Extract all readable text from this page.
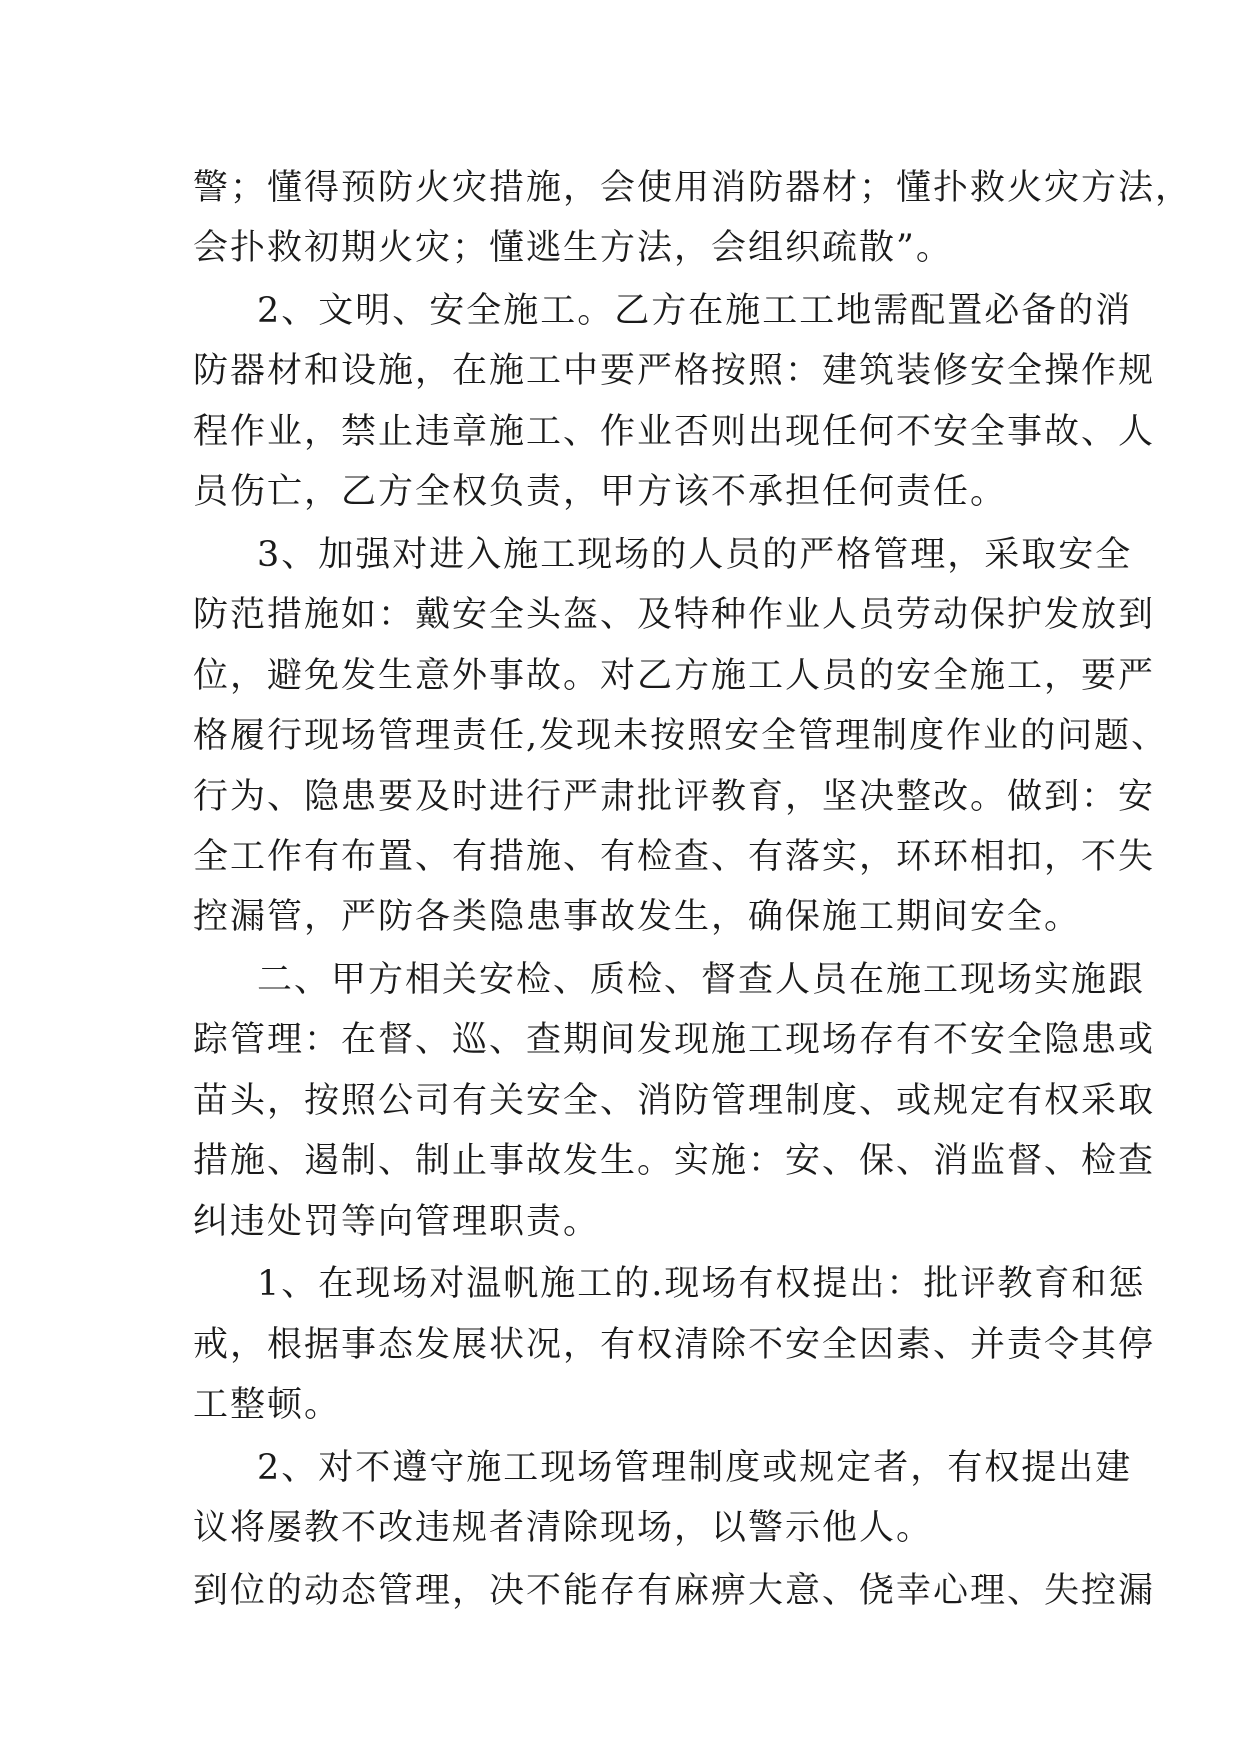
警；懂得预防火灾措施，会使用消防器材；懂扑救火灾方法，
会扑救初期火灾；懂逃生方法，会组织疏散”。
2、文明、安全施工。乙方在施工工地需配置必备的消
防器材和设施，在施工中要严格按照：建筑装修安全操作规
程作业，禁止违章施工、作业否则出现任何不安全事故、人
员伤亡，乙方全权负责，甲方该不承担任何责任。
3、加强对进入施工现场的人员的严格管理，采取安全
防范措施如：戴安全头盔、及特种作业人员劳动保护发放到
位，避免发生意外事故。对乙方施工人员的安全施工，要严
格履行现场管理责任,发现未按照安全管理制度作业的问题、
行为、隐患要及时进行严肃批评教育，坚决整改。做到：安
全工作有布置、有措施、有检查、有落实，环环相扣，不失
控漏管，严防各类隐患事故发生，确保施工期间安全。
二、甲方相关安检、质检、督查人员在施工现场实施跟
踪管理：在督、巡、查期间发现施工现场存有不安全隐患或
苗头，按照公司有关安全、消防管理制度、或规定有权采取
措施、遏制、制止事故发生。实施：安、保、消监督、检查
纠违处罚等向管理职责。
1、在现场对温帆施工的.现场有权提出：批评教育和惩
戒，根据事态发展状况，有权清除不安全因素、并责令其停
工整顿。
2、对不遵守施工现场管理制度或规定者，有权提出建
议将屡教不改违规者清除现场，以警示他人。
到位的动态管理，决不能存有麻痹大意、侥幸心理、失控漏
